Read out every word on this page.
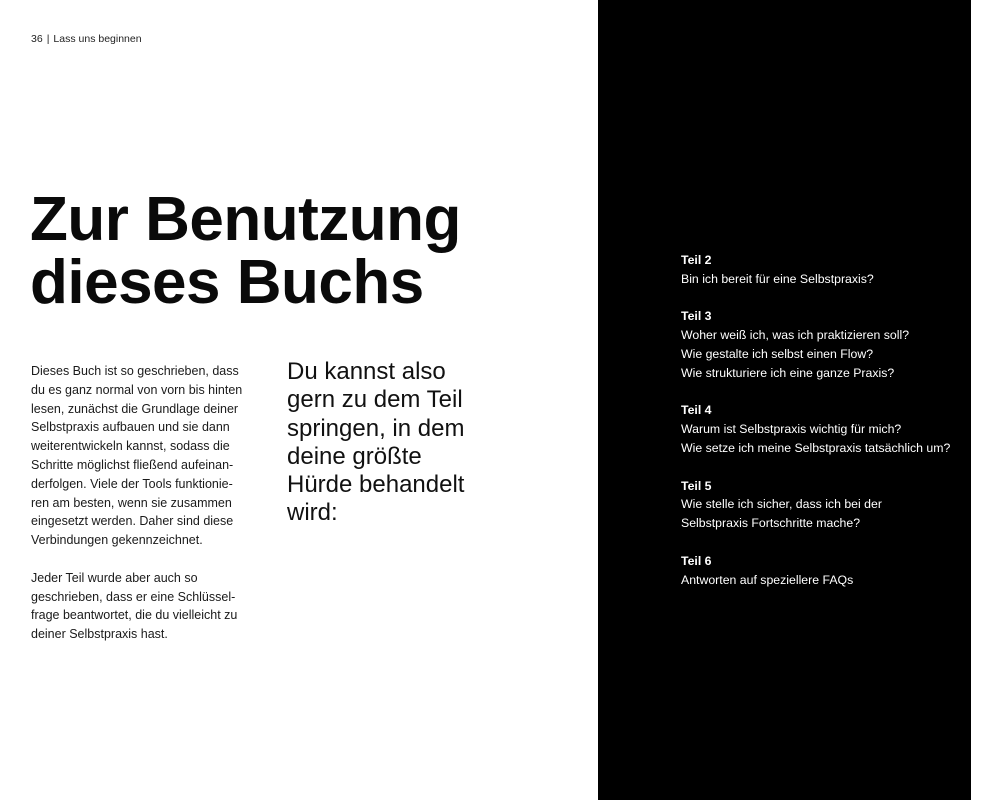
36 | Lass uns beginnen
Zur Benutzung
dieses Buchs

Dieses Buch ist so geschrieben, dass
du es ganz normal von vorn bis hinten
lesen, zunächst die Grundlage deiner
Selbstpraxis aufbauen und sie dann
weiterentwickeln kannst, sodass die
Schritte möglichst fließend aufeinan-
derfolgen. Viele der Tools funktionie-
ren am besten, wenn sie zusammen
eingesetzt werden. Daher sind diese
Verbindungen gekennzeichnet.

Jeder Teil wurde aber auch so
geschrieben, dass er eine Schlüssel-
frage beantwortet, die du vielleicht zu
deiner Selbstpraxis hast.

Du kannst also
gern zu dem Teil
springen, in dem
deine größte
Hürde behandelt
wird:
Teil 2
Bin ich bereit für eine Selbstpraxis?
Teil 3
Woher weiß ich, was ich praktizieren soll?
Wie gestalte ich selbst einen Flow?
Wie strukturiere ich eine ganze Praxis?
Teil 4
Warum ist Selbstpraxis wichtig für mich?
Wie setze ich meine Selbstpraxis tatsächlich um?
Teil 5
Wie stelle ich sicher, dass ich bei der
Selbstpraxis Fortschritte mache?
Teil 6
Antworten auf speziellere FAQs
